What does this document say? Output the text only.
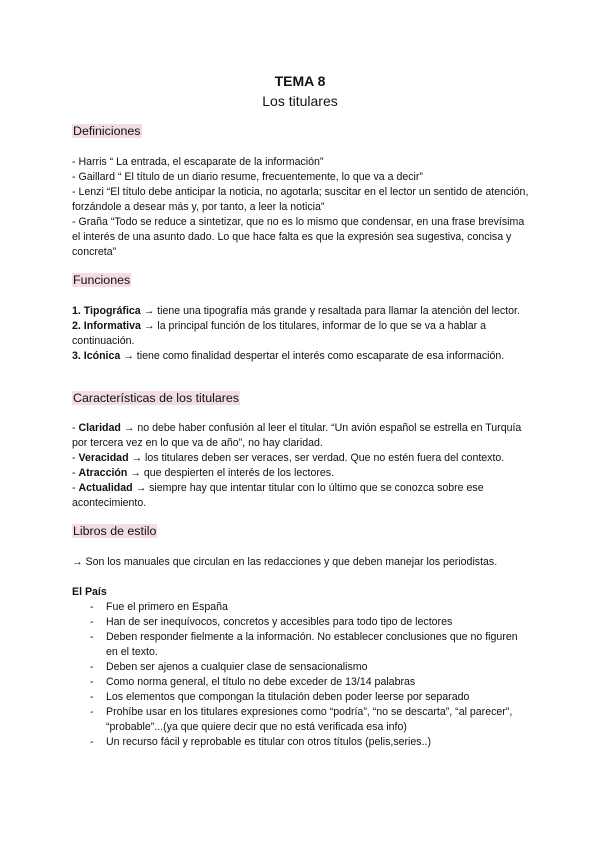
TEMA 8
Los titulares
Definiciones

- Harris “ La entrada, el escaparate de la información”

- Gaillard “ El título de un diario resume, frecuentemente, lo que va a decir”

- Lenzi “El título debe anticipar la noticia, no agotarla; suscitar en el lector un sentido de atención, forzándole a desear más y, por tanto, a leer la noticia”

- Graña “Todo se reduce a sintetizar, que no es lo mismo que condensar, en una frase brevísima el interés de una asunto dado. Lo que hace falta es que la expresión sea sugestiva, concisa y concreta”

Funciones

1. Tipográfica → tiene una tipografía más grande y resaltada para llamar la atención del lector.

2. Informativa → la principal función de los titulares, informar de lo que se va a hablar a continuación.

3. Icónica → tiene como finalidad despertar el interés como escaparate de esa información.

Características de los titulares

- Claridad → no debe haber confusión al leer el titular. “Un avión español se estrella en Turquía por tercera vez en lo que va de año”, no hay claridad.

- Veracidad → los titulares deben ser veraces, ser verdad. Que no estén fuera del contexto.

- Atracción → que despierten el interés de los lectores.

- Actualidad → siempre hay que intentar titular con lo último que se conozca sobre ese acontecimiento.

Libros de estilo
→ Son los manuales que circulan en las redacciones y que deben manejar los periodistas.
El País
- Fue el primero en España
- Han de ser inequívocos, concretos y accesibles para todo tipo de lectores
- Deben responder fielmente a la información. No establecer conclusiones que no figuren en el texto.
- Deben ser ajenos a cualquier clase de sensacionalismo
- Como norma general, el título no debe exceder de 13/14 palabras
- Los elementos que compongan la titulación deben poder leerse por separado
- Prohíbe usar en los titulares expresiones como “podría”, “no se descarta”, “al parecer”, “probable”...(ya que quiere decir que no está verificada esa info)
- Un recurso fácil y reprobable es titular con otros títulos (pelis,series..)
